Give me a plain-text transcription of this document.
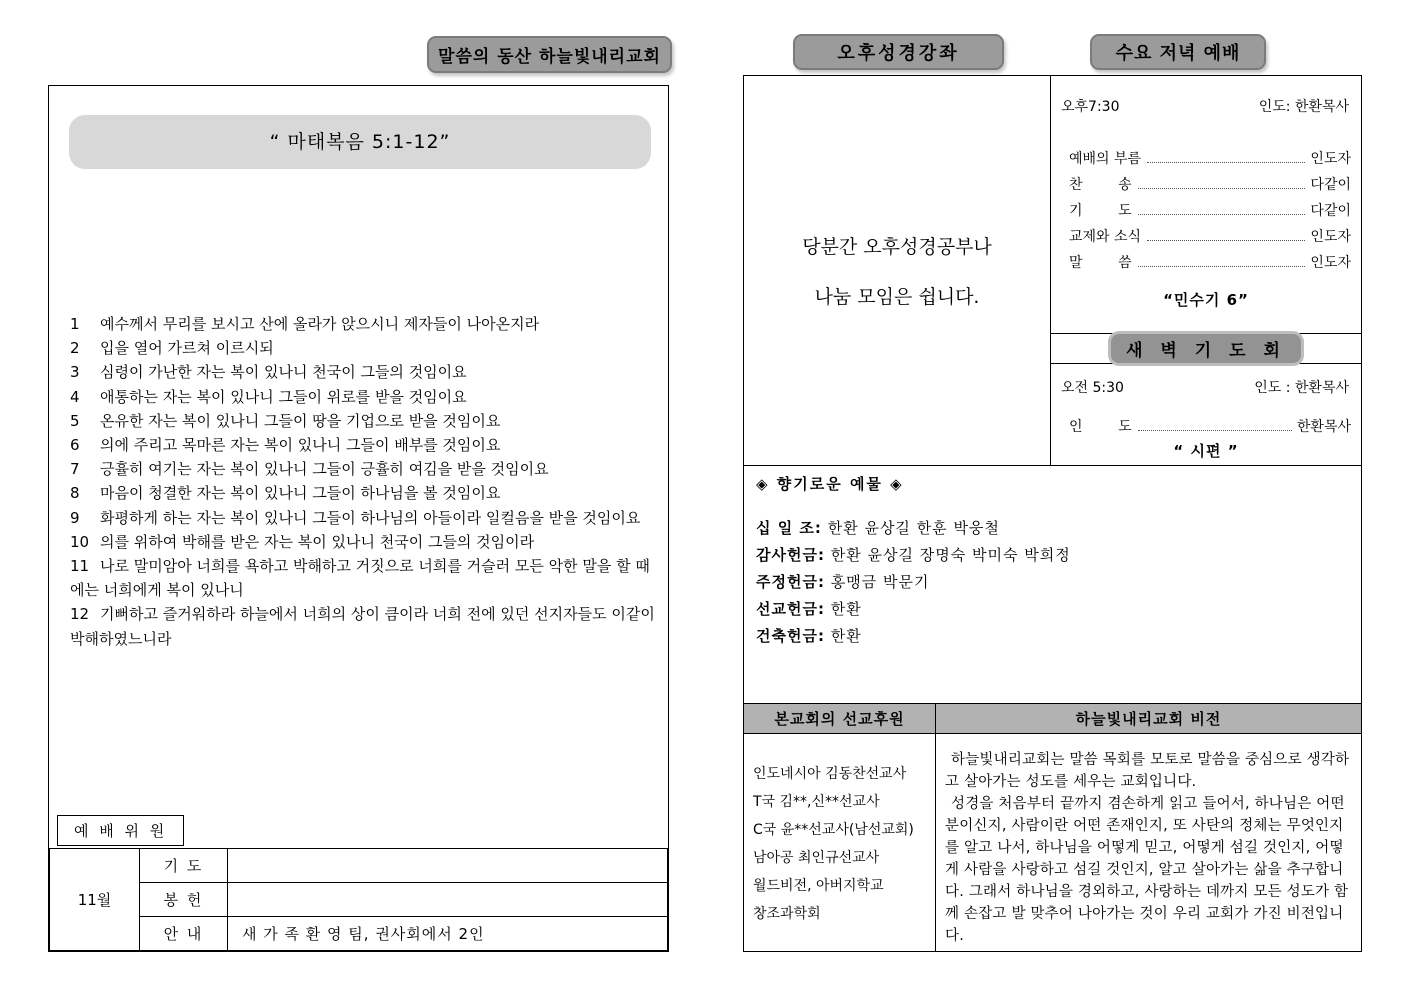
말씀의 동산 하늘빛내리교회	오후성경강좌	수요 저녁 예배
“ 마태복음 5:1-12”
1 예수께서 무리를 보시고 산에 올라가 앉으시니 제자들이 나아온지라
2 입을 열어 가르쳐 이르시되
3 심령이 가난한 자는 복이 있나니 천국이 그들의 것임이요
4 애통하는 자는 복이 있나니 그들이 위로를 받을 것임이요
5 온유한 자는 복이 있나니 그들이 땅을 기업으로 받을 것임이요
6 의에 주리고 목마른 자는 복이 있나니 그들이 배부를 것임이요
7 긍휼히 여기는 자는 복이 있나니 그들이 긍휼히 여김을 받을 것임이요
8 마음이 청결한 자는 복이 있나니 그들이 하나님을 볼 것임이요
9 화평하게 하는 자는 복이 있나니 그들이 하나님의 아들이라 일컬음을 받을 것임이요
10 의를 위하여 박해를 받은 자는 복이 있나니 천국이 그들의 것임이라
11 나로 말미암아 너희를 욕하고 박해하고 거짓으로 너희를 거슬러 모든 악한 말을 할 때에는 너희에게 복이 있나니
12 기뻐하고 즐거워하라 하늘에서 너희의 상이 큼이라 너희 전에 있던 선지자들도 이같이 박해하였느니라
예 배 위 원
11월	기 도	
	봉 헌	
	안 내	새 가 족 환 영 팀, 권사회에서 2인
당분간 오후성경공부나
나눔 모임은 쉽니다.
오후7:30	인도: 한환목사
예배의 부름	인도자
찬        송	다같이
기        도	다같이
교제와 소식	인도자
말        씀	인도자
“민수기 6”
새 벽 기 도 회
오전 5:30	인도 : 한환목사
인        도	한환목사
“ 시편 ”
◈ 향기로운 예물 ◈
십 일 조: 한환 윤상길 한훈 박웅철
감사헌금: 한환 윤상길 장명숙 박미숙 박희정
주정헌금: 홍맹금 박문기
선교헌금: 한환
건축헌금: 한환
본교회의 선교후원	하늘빛내리교회 비전
인도네시아 김동찬선교사
T국 김**,신**선교사
C국 윤**선교사(남선교회)
남아공 최인규선교사
월드비전, 아버지학교
창조과학회

하늘빛내리교회는 말씀 목회를 모토로 말씀을 중심으로 생각하고 살아가는 성도를 세우는 교회입니다.

성경을 처음부터 끝까지 겸손하게 읽고 들어서, 하나님은 어떤 분이신지, 사람이란 어떤 존재인지, 또 사탄의 정체는 무엇인지를 알고 나서, 하나님을 어떻게 믿고, 어떻게 섬길 것인지, 어떻게 사람을 사랑하고 섬길 것인지, 알고 살아가는 삶을 추구합니다. 그래서 하나님을 경외하고, 사랑하는 데까지 모든 성도가 함께 손잡고 발 맞추어 나아가는 것이 우리 교회가 가진 비전입니다.
